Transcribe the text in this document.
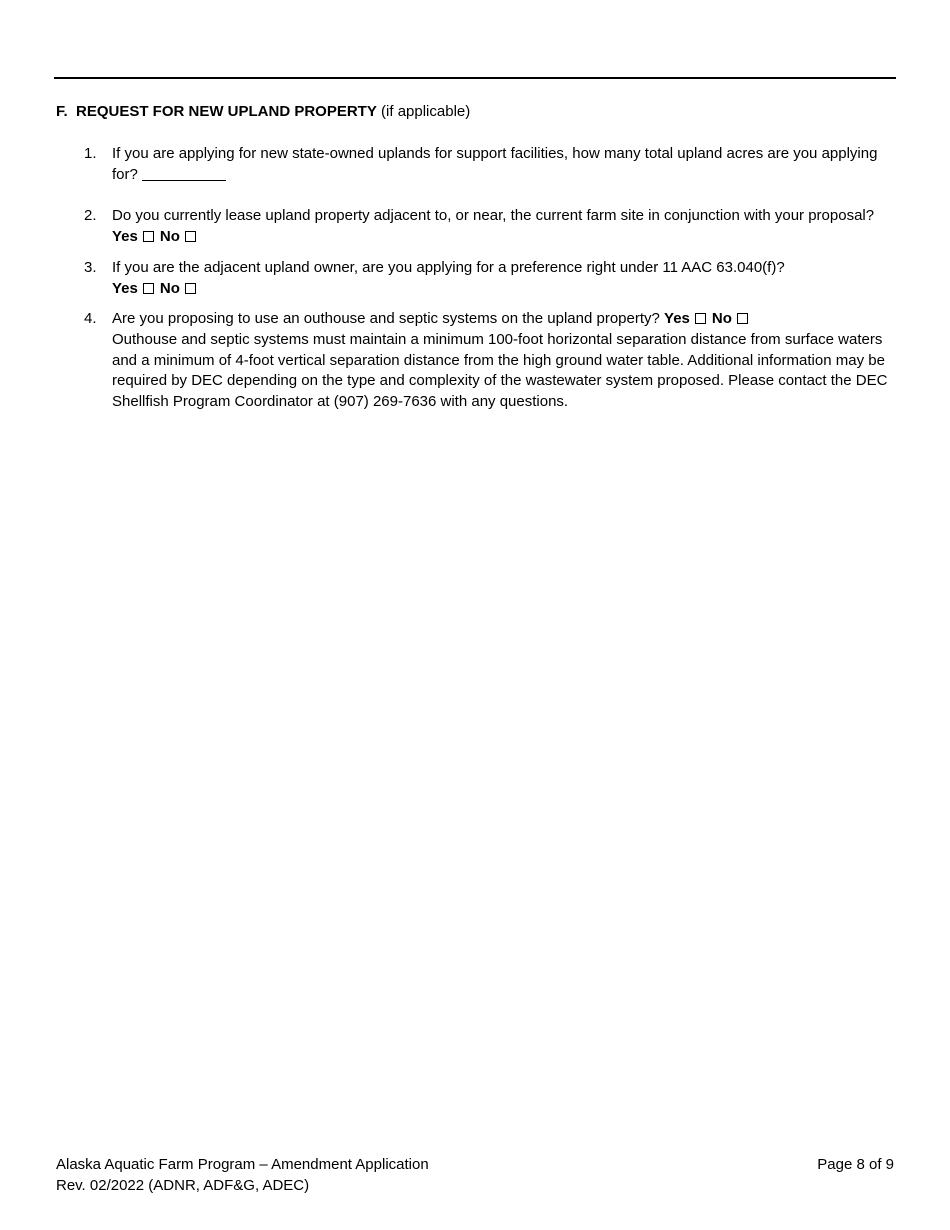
F. REQUEST FOR NEW UPLAND PROPERTY (if applicable)
1. If you are applying for new state-owned uplands for support facilities, how many total upland acres are you applying for?
2. Do you currently lease upland property adjacent to, or near, the current farm site in conjunction with your proposal? Yes No
3. If you are the adjacent upland owner, are you applying for a preference right under 11 AAC 63.040(f)?
Yes No
4. Are you proposing to use an outhouse and septic systems on the upland property? Yes No
Outhouse and septic systems must maintain a minimum 100-foot horizontal separation distance from surface waters and a minimum of 4-foot vertical separation distance from the high ground water table. Additional information may be required by DEC depending on the type and complexity of the wastewater system proposed. Please contact the DEC Shellfish Program Coordinator at (907) 269-7636 with any questions.
Alaska Aquatic Farm Program – Amendment Application
Rev. 02/2022 (ADNR, ADF&G, ADEC)
Page 8 of 9
